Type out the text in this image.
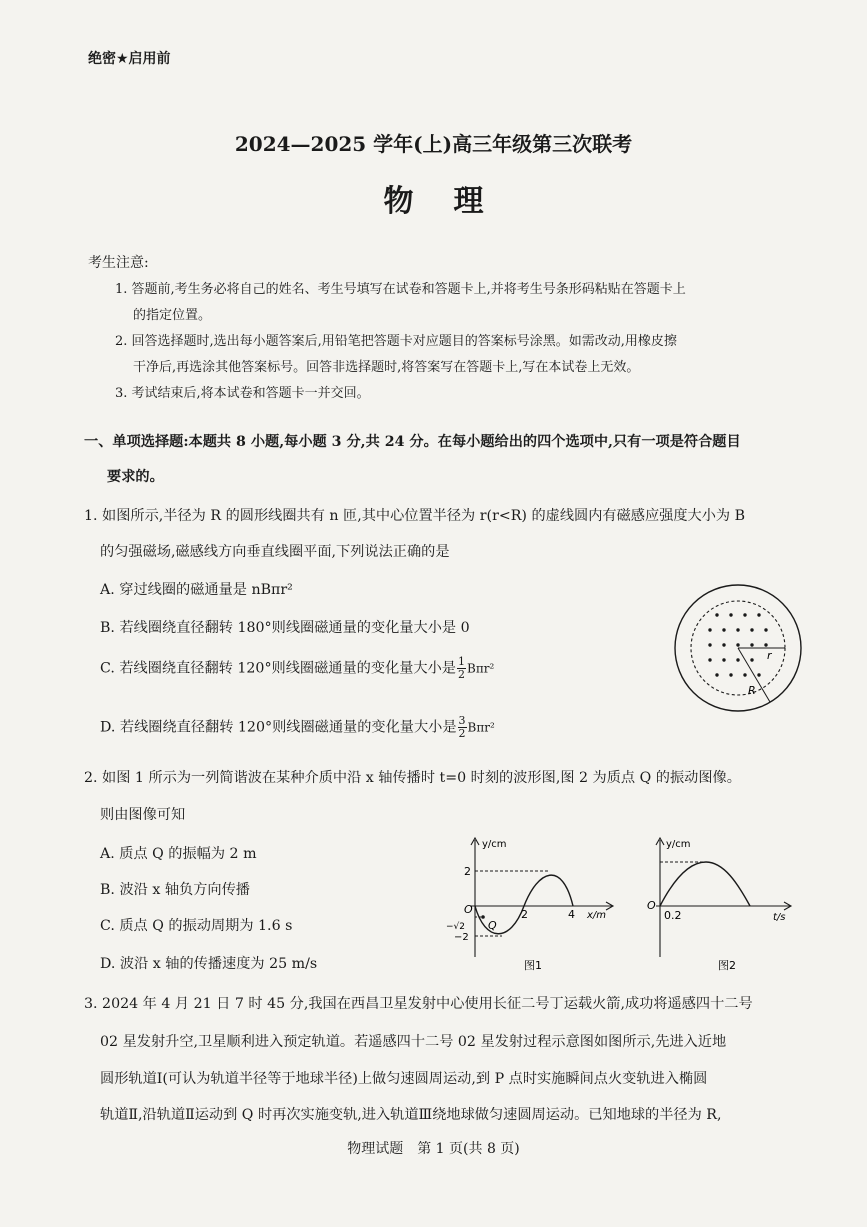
绝密★启用前
2024—2025 学年(上)高三年级第三次联考
物理
考生注意:
1. 答题前,考生务必将自己的姓名、考生号填写在试卷和答题卡上,并将考生号条形码粘贴在答题卡上
的指定位置。
2. 回答选择题时,选出每小题答案后,用铅笔把答题卡对应题目的答案标号涂黑。如需改动,用橡皮擦
干净后,再选涂其他答案标号。回答非选择题时,将答案写在答题卡上,写在本试卷上无效。
3. 考试结束后,将本试卷和答题卡一并交回。
一、单项选择题:本题共 8 小题,每小题 3 分,共 24 分。在每小题给出的四个选项中,只有一项是符合题目
要求的。
1. 如图所示,半径为 R 的圆形线圈共有 n 匝,其中心位置半径为 r(r<R) 的虚线圆内有磁感应强度大小为 B
的匀强磁场,磁感线方向垂直线圈平面,下列说法正确的是
A. 穿过线圈的磁通量是 nBπr²
B. 若线圈绕直径翻转 180°则线圈磁通量的变化量大小是 0
C. 若线圈绕直径翻转 120°则线圈磁通量的变化量大小是 $\frac{1}{2} B\pi r^2$
D. 若线圈绕直径翻转 120°则线圈磁通量的变化量大小是 $\frac{3}{2} B\pi r^2$
r
R
2. 如图 1 所示为一列简谐波在某种介质中沿 x 轴传播时 t=0 时刻的波形图,图 2 为质点 Q 的振动图像。
则由图像可知
A. 质点 Q 的振幅为 2 m
B. 波沿 x 轴负方向传播
C. 质点 Q 的振动周期为 1.6 s
D. 波沿 x 轴的传播速度为 25 m/s
y/cm
x/m
O
2
−√2
−2
2	4
Q
图1
y/cm
t/s
O
0.2
图2
3. 2024 年 4 月 21 日 7 时 45 分,我国在西昌卫星发射中心使用长征二号丁运载火箭,成功将遥感四十二号
02 星发射升空,卫星顺利进入预定轨道。若遥感四十二号 02 星发射过程示意图如图所示,先进入近地
圆形轨道Ⅰ(可认为轨道半径等于地球半径)上做匀速圆周运动,到 P 点时实施瞬间点火变轨进入椭圆
轨道Ⅱ,沿轨道Ⅱ运动到 Q 时再次实施变轨,进入轨道Ⅲ绕地球做匀速圆周运动。已知地球的半径为 R,
物理试题　第 1 页(共 8 页)
